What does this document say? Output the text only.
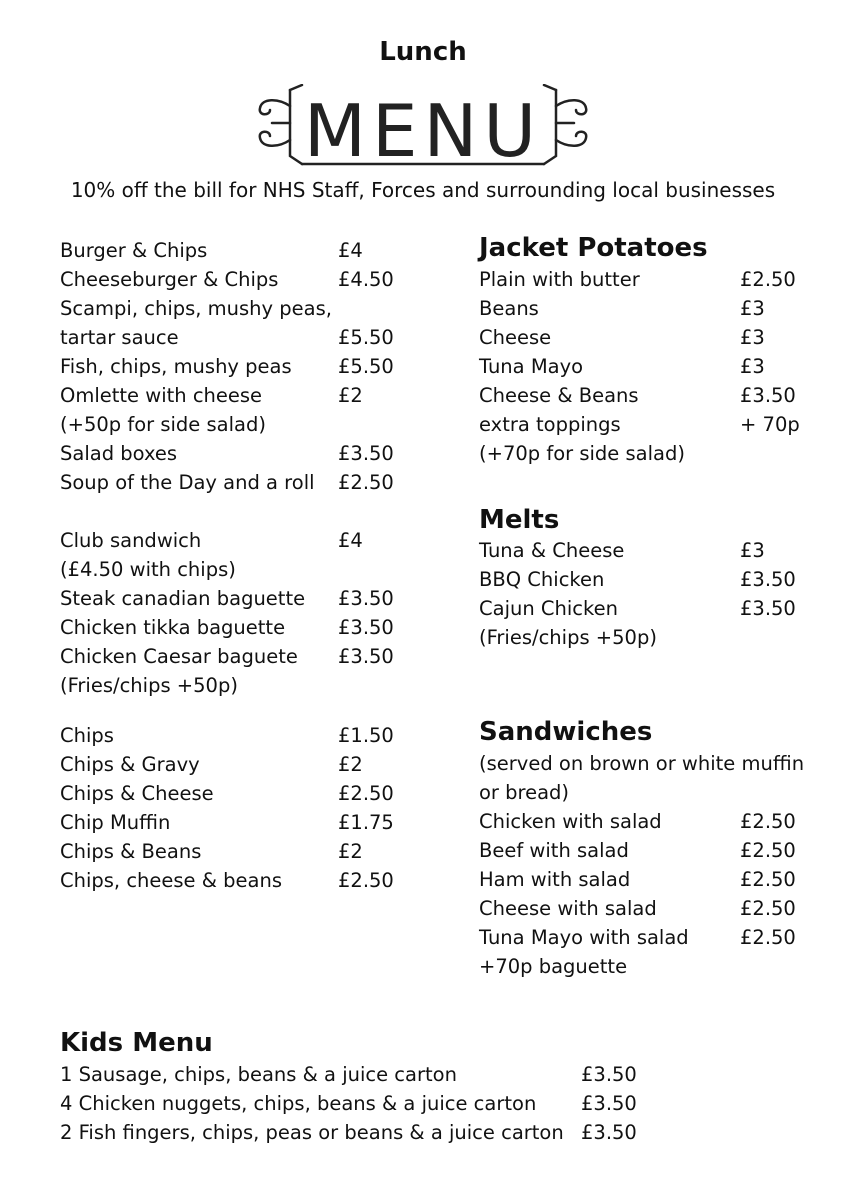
Lunch
MENU
10% off the bill for NHS Staff, Forces and surrounding local businesses
Burger & Chips	£4
Cheeseburger & Chips	£4.50
Scampi, chips, mushy peas,
tartar sauce	£5.50
Fish, chips, mushy peas £5.50
Omlette with cheese	£2
(+50p for side salad)
Salad boxes	£3.50
Soup of the Day and a roll £2.50
Club sandwich	£4
(£4.50 with chips)
Steak canadian baguette £3.50
Chicken tikka baguette	£3.50
Chicken Caesar baguete £3.50
(Fries/chips +50p)
Chips	£1.50
Chips & Gravy	£2
Chips & Cheese	£2.50
Chip Muffin	£1.75
Chips & Beans	£2
Chips, cheese & beans	£2.50
Jacket Potatoes
Plain with butter	£2.50
Beans	£3
Cheese	£3
Tuna Mayo	£3
Cheese & Beans	£3.50
extra toppings	+ 70p
(+70p for side salad)
Melts
Tuna & Cheese	£3
BBQ Chicken	£3.50
Cajun Chicken	£3.50
(Fries/chips +50p)
Sandwiches
(served on brown or white muffin
or bread)
Chicken with salad	£2.50
Beef with salad	£2.50
Ham with salad	£2.50
Cheese with salad	£2.50
Tuna Mayo with salad	£2.50
+70p baguette
Kids Menu
1 Sausage, chips, beans & a juice carton	£3.50
4 Chicken nuggets, chips, beans & a juice carton £3.50
2 Fish fingers, chips, peas or beans & a juice carton £3.50
